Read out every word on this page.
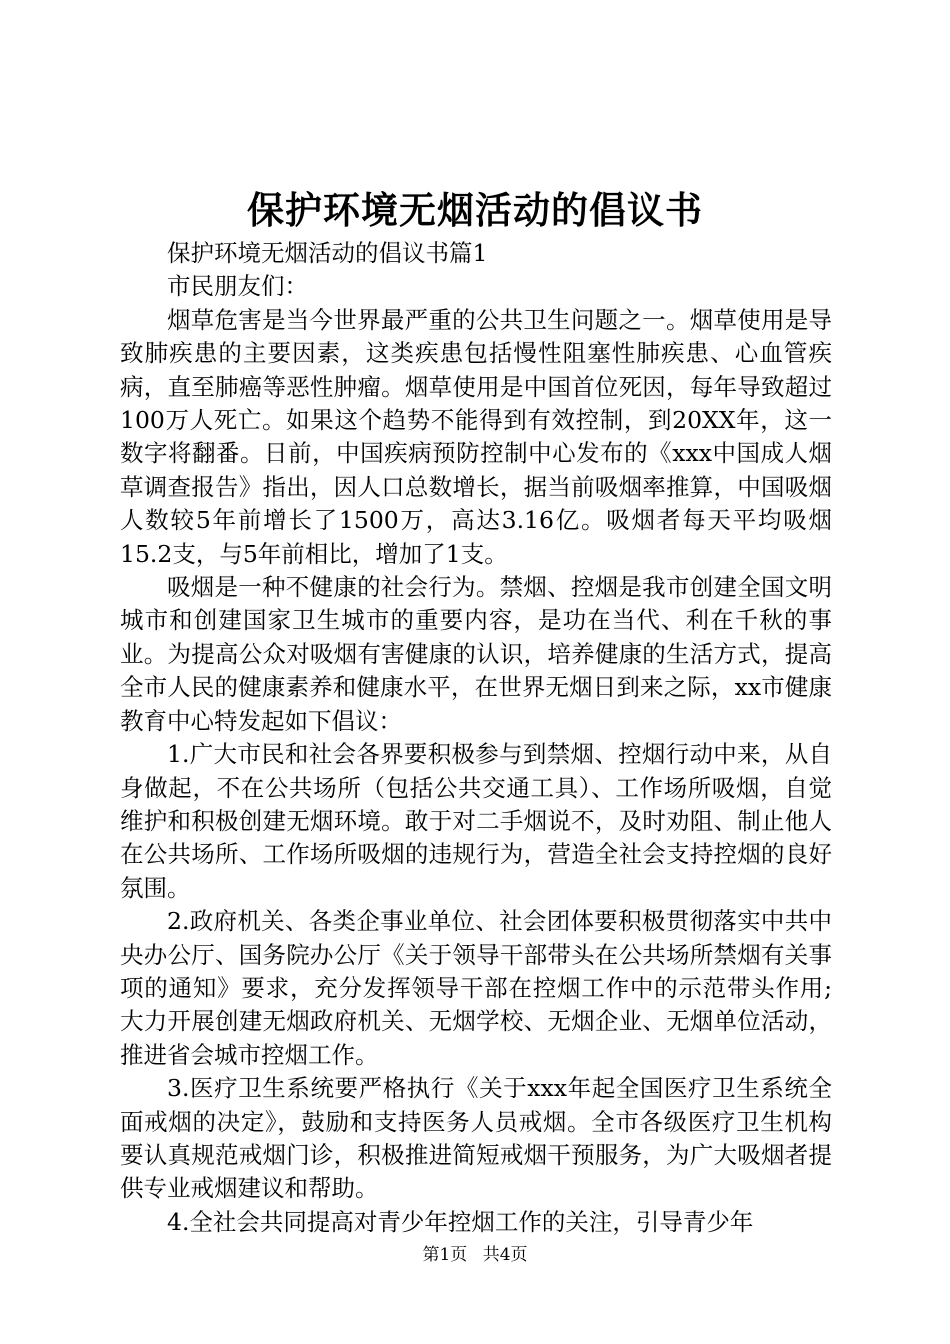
保护环境无烟活动的倡议书

保护环境无烟活动的倡议书篇1

市民朋友们：

烟草危害是当今世界最严重的公共卫生问题之一。烟草使用是导致肺疾患的主要因素，这类疾患包括慢性阻塞性肺疾患、心血管疾病，直至肺癌等恶性肿瘤。烟草使用是中国首位死因，每年导致超过100万人死亡。如果这个趋势不能得到有效控制，到20XX年，这一数字将翻番。日前，中国疾病预防控制中心发布的《xxx中国成人烟草调查报告》指出，因人口总数增长，据当前吸烟率推算，中国吸烟人数较5年前增长了1500万，高达3.16亿。吸烟者每天平均吸烟15.2支，与5年前相比，增加了1支。

吸烟是一种不健康的社会行为。禁烟、控烟是我市创建全国文明城市和创建国家卫生城市的重要内容，是功在当代、利在千秋的事业。为提高公众对吸烟有害健康的认识，培养健康的生活方式，提高全市人民的健康素养和健康水平，在世界无烟日到来之际，xx市健康教育中心特发起如下倡议：

1.广大市民和社会各界要积极参与到禁烟、控烟行动中来，从自身做起，不在公共场所（包括公共交通工具）、工作场所吸烟，自觉维护和积极创建无烟环境。敢于对二手烟说不，及时劝阻、制止他人在公共场所、工作场所吸烟的违规行为，营造全社会支持控烟的良好氛围。

2.政府机关、各类企事业单位、社会团体要积极贯彻落实中共中央办公厅、国务院办公厅《关于领导干部带头在公共场所禁烟有关事项的通知》要求，充分发挥领导干部在控烟工作中的示范带头作用;大力开展创建无烟政府机关、无烟学校、无烟企业、无烟单位活动，推进省会城市控烟工作。

3.医疗卫生系统要严格执行《关于xxx年起全国医疗卫生系统全面戒烟的决定》，鼓励和支持医务人员戒烟。全市各级医疗卫生机构要认真规范戒烟门诊，积极推进简短戒烟干预服务，为广大吸烟者提供专业戒烟建议和帮助。

4.全社会共同提高对青少年控烟工作的关注，引导青少年

第1页 共4页
